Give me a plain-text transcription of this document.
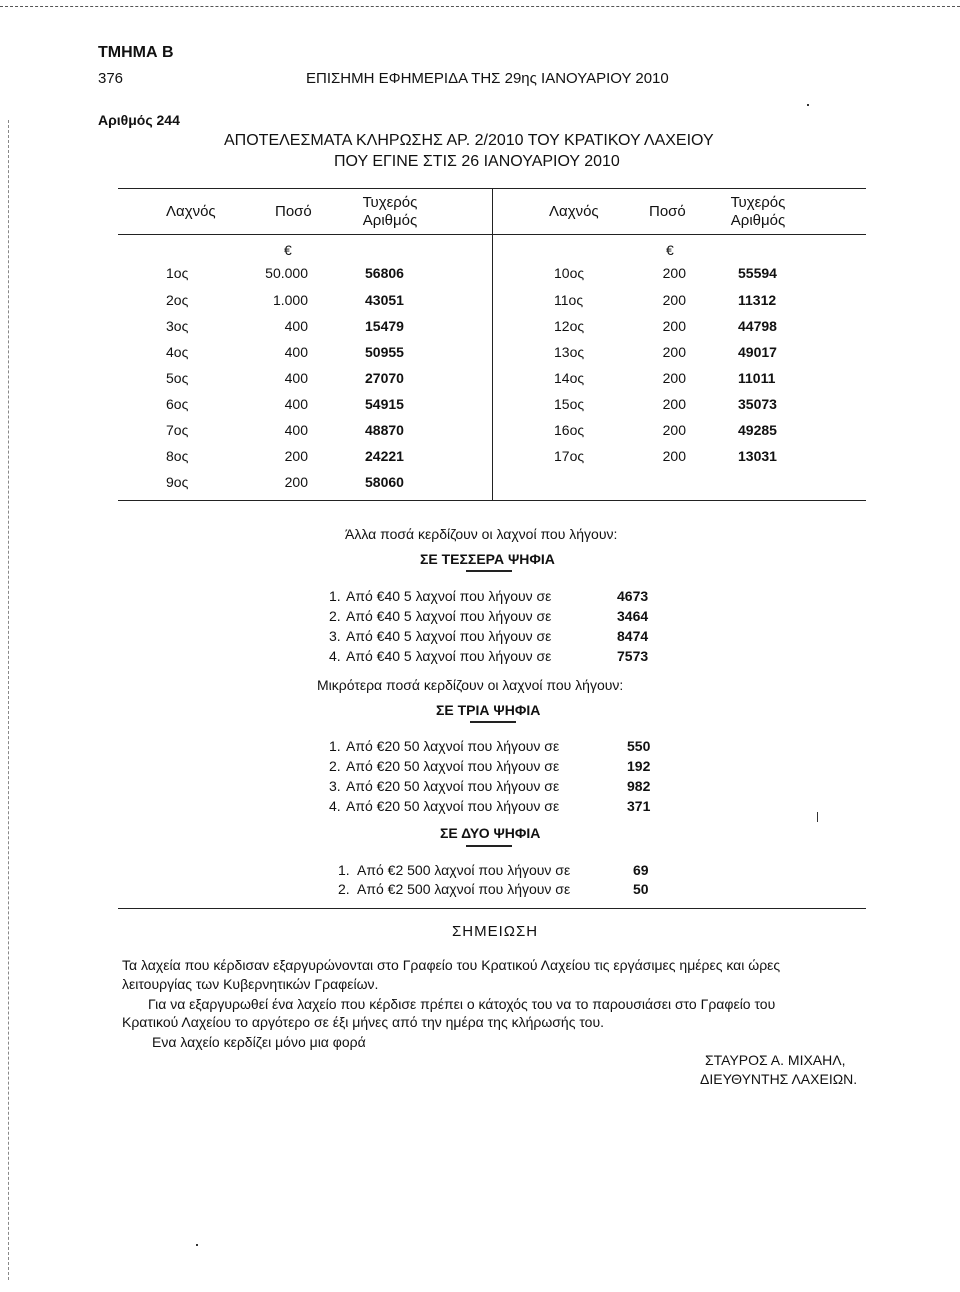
ΤΜΗΜΑ Β
376	ΕΠΙΣΗΜΗ ΕΦΗΜΕΡΙΔΑ ΤΗΣ 29ης ΙΑΝΟΥΑΡΙΟΥ 2010
Αριθμός 244
ΑΠΟΤΕΛΕΣΜΑΤΑ ΚΛΗΡΩΣΗΣ ΑΡ. 2/2010 ΤΟΥ ΚΡΑΤΙΚΟΥ ΛΑΧΕΙΟΥ
ΠΟΥ ΕΓΙΝΕ ΣΤΙΣ 26 ΙΑΝΟΥΑΡΙΟΥ 2010
Λαχνός	Ποσό
Τυχερός
Αριθμός
Λαχνός	Ποσό
Τυχερός
Αριθμός
€	€
1ος	50.000	56806
2ος	1.000	43051
3ος	400	15479
4ος	400	50955
5ος	400	27070
6ος	400	54915
7ος	400	48870
8ος	200	24221
9ος	200	58060
10ος	200	55594
11ος	200	11312
12ος	200	44798
13ος	200	49017
14ος	200	11011
15ος	200	35073
16ος	200	49285
17ος	200	13031
Άλλα ποσά κερδίζουν οι λαχνοί που λήγουν:
ΣΕ ΤΕΣΣΕΡΑ ΨΗΦΙΑ
1. Από €40 5 λαχνοί που λήγουν σε	4673
2. Από €40 5 λαχνοί που λήγουν σε	3464
3. Από €40 5 λαχνοί που λήγουν σε	8474
4. Από €40 5 λαχνοί που λήγουν σε	7573
Μικρότερα ποσά κερδίζουν οι λαχνοί που λήγουν:
ΣΕ ΤΡΙΑ ΨΗΦΙΑ
1. Από €20 50 λαχνοί που λήγουν σε	550
2. Από €20 50 λαχνοί που λήγουν σε	192
3. Από €20 50 λαχνοί που λήγουν σε	982
4. Από €20 50 λαχνοί που λήγουν σε	371
ΣΕ ΔΥΟ ΨΗΦΙΑ
1. Από €2 500 λαχνοί που λήγουν σε	69
2. Από €2 500 λαχνοί που λήγουν σε	50
ΣΗΜΕΙΩΣΗ
Τα λαχεία που κέρδισαν εξαργυρώνονται στο Γραφείο του Κρατικού Λαχείου τις εργάσιμες ημέρες και ώρες
λειτουργίας των Κυβερνητικών Γραφείων.
Για να εξαργυρωθεί ένα λαχείο που κέρδισε πρέπει ο κάτοχός του να το παρουσιάσει στο Γραφείο του
Κρατικού Λαχείου το αργότερο σε έξι μήνες από την ημέρα της κλήρωσής του.
Ενα λαχείο κερδίζει μόνο μια φορά
ΣΤΑΥΡΟΣ Α. ΜΙΧΑΗΛ,
ΔΙΕΥΘΥΝΤΗΣ ΛΑΧΕΙΩΝ.
